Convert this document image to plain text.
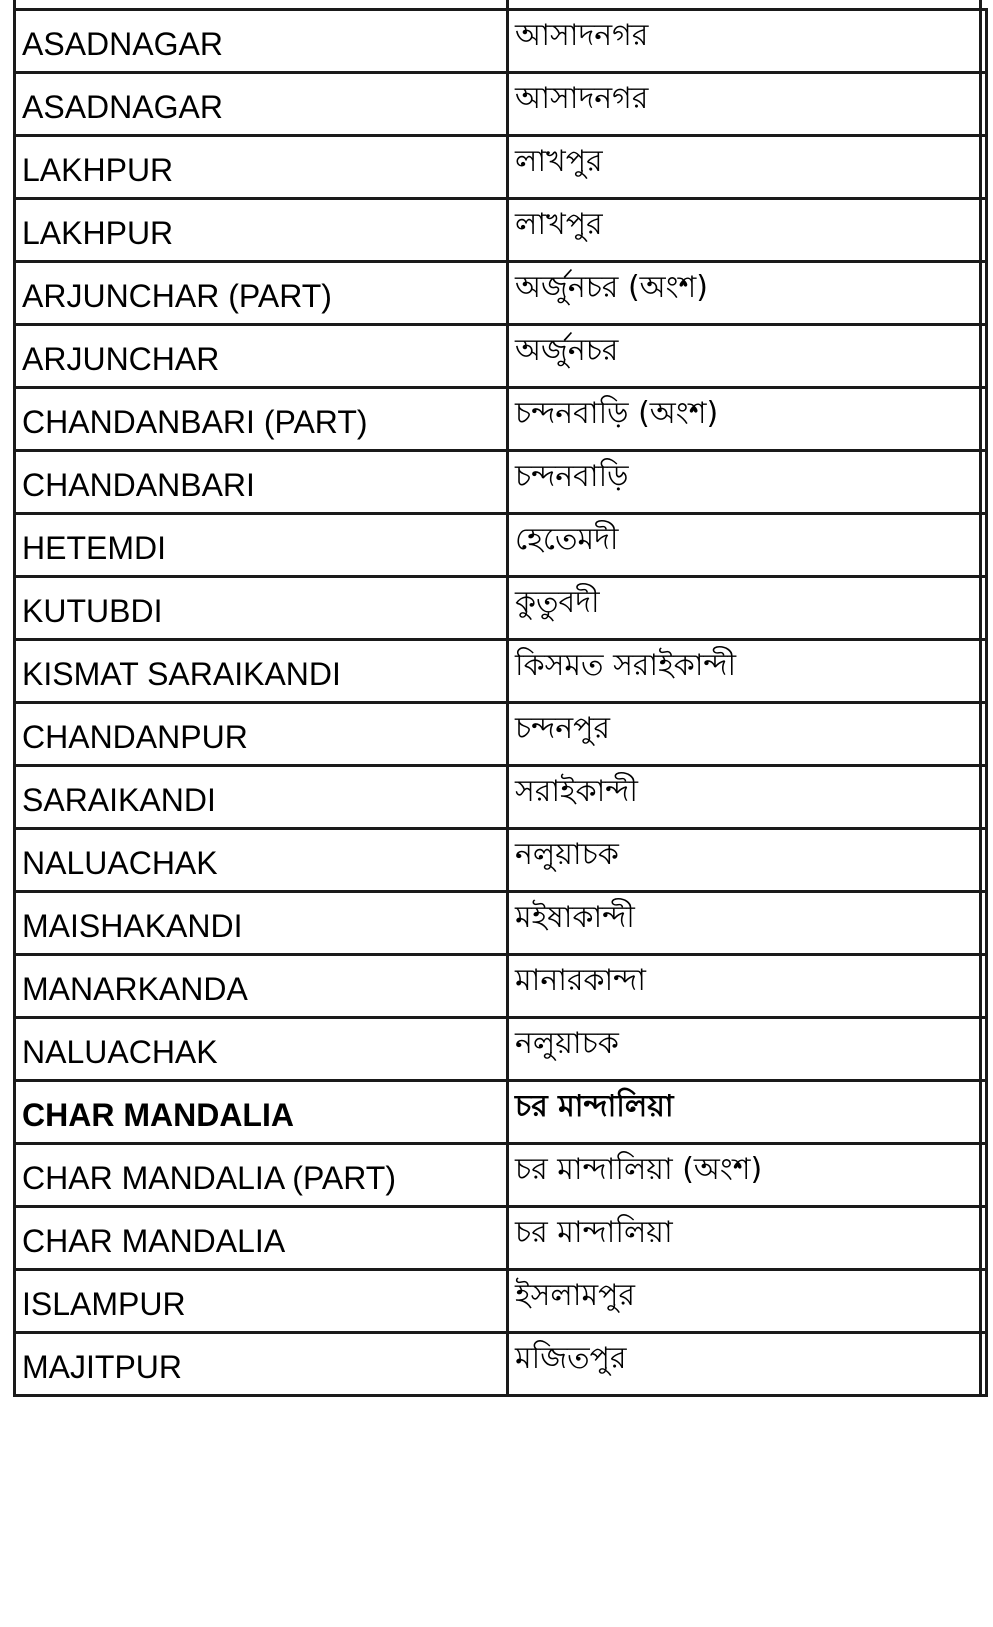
ASADNAGAR	আসাদনগর	
ASADNAGAR	আসাদনগর	
LAKHPUR	লাখপুর	
LAKHPUR	লাখপুর	
ARJUNCHAR (PART)	অর্জুনচর (অংশ)	
ARJUNCHAR	অর্জুনচর	
CHANDANBARI (PART)	চন্দনবাড়ি (অংশ)	
CHANDANBARI	চন্দনবাড়ি	
HETEMDI	হেতেমদী	
KUTUBDI	কুতুবদী	
KISMAT SARAIKANDI	কিসমত সরাইকান্দী	
CHANDANPUR	চন্দনপুর	
SARAIKANDI	সরাইকান্দী	
NALUACHAK	নলুয়াচক	
MAISHAKANDI	মইষাকান্দী	
MANARKANDA	মানারকান্দা	
NALUACHAK	নলুয়াচক	
CHAR MANDALIA	চর মান্দালিয়া	
CHAR MANDALIA (PART)	চর মান্দালিয়া (অংশ)	
CHAR MANDALIA	চর মান্দালিয়া	
ISLAMPUR	ইসলামপুর	
MAJITPUR	মজিতপুর	
